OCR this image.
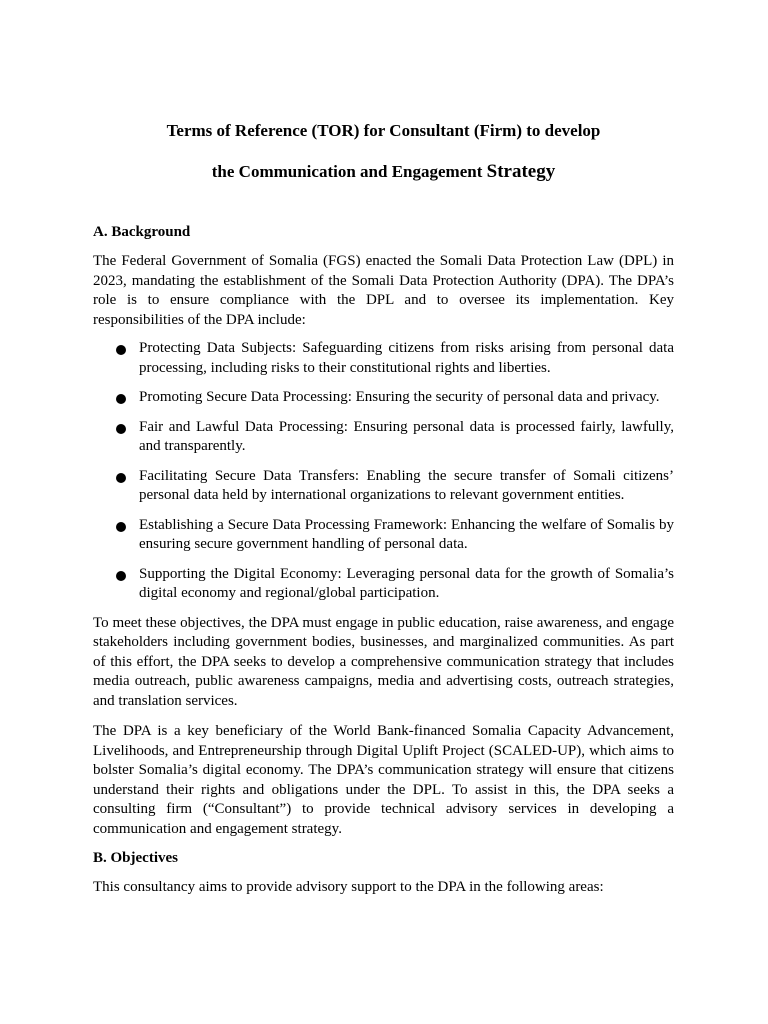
Terms of Reference (TOR) for Consultant (Firm) to develop
the Communication and Engagement Strategy
A. Background

The Federal Government of Somalia (FGS) enacted the Somali Data Protection Law (DPL) in 2023, mandating the establishment of the Somali Data Protection Authority (DPA). The DPA’s role is to ensure compliance with the DPL and to oversee its implementation. Key responsibilities of the DPA include:

Protecting Data Subjects: Safeguarding citizens from risks arising from personal data processing, including risks to their constitutional rights and liberties.
Promoting Secure Data Processing: Ensuring the security of personal data and privacy.
Fair and Lawful Data Processing: Ensuring personal data is processed fairly, lawfully, and transparently.
Facilitating Secure Data Transfers: Enabling the secure transfer of Somali citizens’ personal data held by international organizations to relevant government entities.
Establishing a Secure Data Processing Framework: Enhancing the welfare of Somalis by ensuring secure government handling of personal data.
Supporting the Digital Economy: Leveraging personal data for the growth of Somalia’s digital economy and regional/global participation.

To meet these objectives, the DPA must engage in public education, raise awareness, and engage stakeholders including government bodies, businesses, and marginalized communities. As part of this effort, the DPA seeks to develop a comprehensive communication strategy that includes media outreach, public awareness campaigns, media and advertising costs, outreach strategies, and translation services.

The DPA is a key beneficiary of the World Bank-financed Somalia Capacity Advancement, Livelihoods, and Entrepreneurship through Digital Uplift Project (SCALED-UP), which aims to bolster Somalia’s digital economy. The DPA’s communication strategy will ensure that citizens understand their rights and obligations under the DPL. To assist in this, the DPA seeks a consulting firm (“Consultant”) to provide technical advisory services in developing a communication and engagement strategy.

B. Objectives

This consultancy aims to provide advisory support to the DPA in the following areas:
